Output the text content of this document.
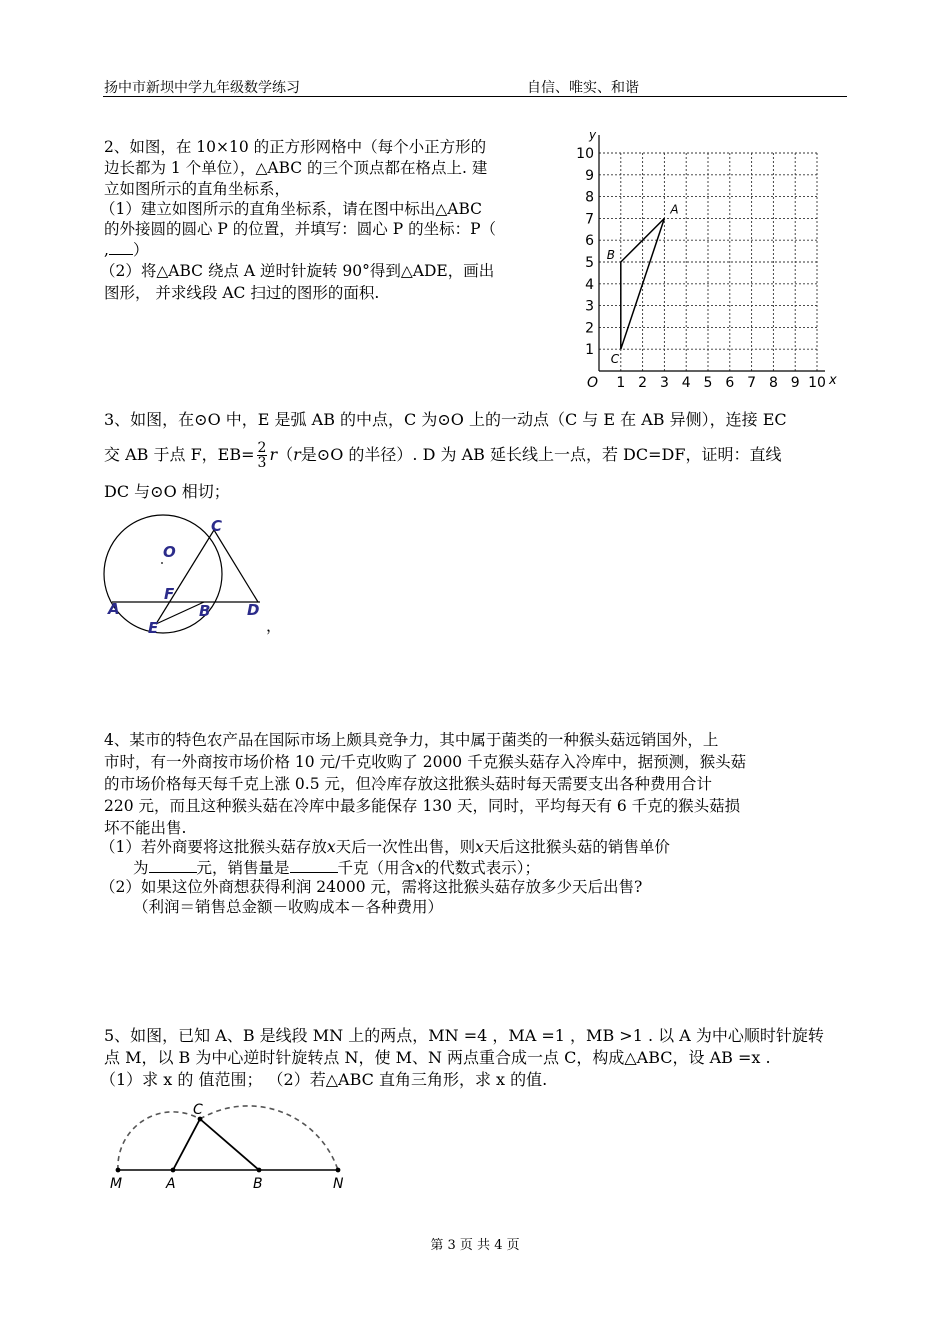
扬中市新坝中学九年级数学练习	自信、唯实、和谐
2、如图，在 10×10 的正方形网格中（每个小正方形的
边长都为 1 个单位），△ABC 的三个顶点都在格点上. 建
立如图所示的直角坐标系，
（1）建立如图所示的直角坐标系，请在图中标出△ABC
的外接圆的圆心 P 的位置，并填写：圆心 P 的坐标：P（
, ）
（2）将△ABC 绕点 A 逆时针旋转 90°得到△ADE，画出
图形， 并求线段 AC 扫过的图形的面积.
y
x
O 1
1
2
2
3
3
4
4
5
5
6
6
7
7
8
8
9
9
10
10
A
B
C
3、如图，在⊙O 中，E 是弧 AB 的中点，C 为⊙O 上的一动点（C 与 E 在 AB 异侧），连接 EC
交 AB 于点 F，$EB= \frac{2}{3} r(r$是⊙O 的半径）. D 为 AB 延长线上一点，若 DC=DF，证明：直线
DC 与⊙O 相切；
C
O
F
A	B D
E	，
4、某市的特色农产品在国际市场上颇具竞争力，其中属于菌类的一种猴头菇远销国外，上
市时，有一外商按市场价格 10 元/千克收购了 2000 千克猴头菇存入冷库中，据预测，猴头菇
的市场价格每天每千克上涨 0.5 元，但冷库存放这批猴头菇时每天需要支出各种费用合计
220 元，而且这种猴头菇在冷库中最多能保存 130 天，同时，平均每天有 6 千克的猴头菇损
坏不能出售.
（1）若外商要将这批猴头菇存放x天后一次性出售，则x天后这批猴头菇的销售单价
为	元，销售量是	千克（用含x的代数式表示）；
（2）如果这位外商想获得利润 24000 元，需将这批猴头菇存放多少天后出售?
（利润＝销售总金额－收购成本－各种费用）
5、如图，已知 A、B 是线段 MN 上的两点，MN =4 ，MA =1 ，MB >1 . 以 A 为中心顺时针旋转
点 M，以 B 为中心逆时针旋转点 N，使 M、N 两点重合成一点 C，构成△ABC，设 AB =x .
（1）求 x 的 值范围； （2）若△ABC 直角三角形，求 x 的值.
M	A	B	N
C
第 3 页 共 4 页
